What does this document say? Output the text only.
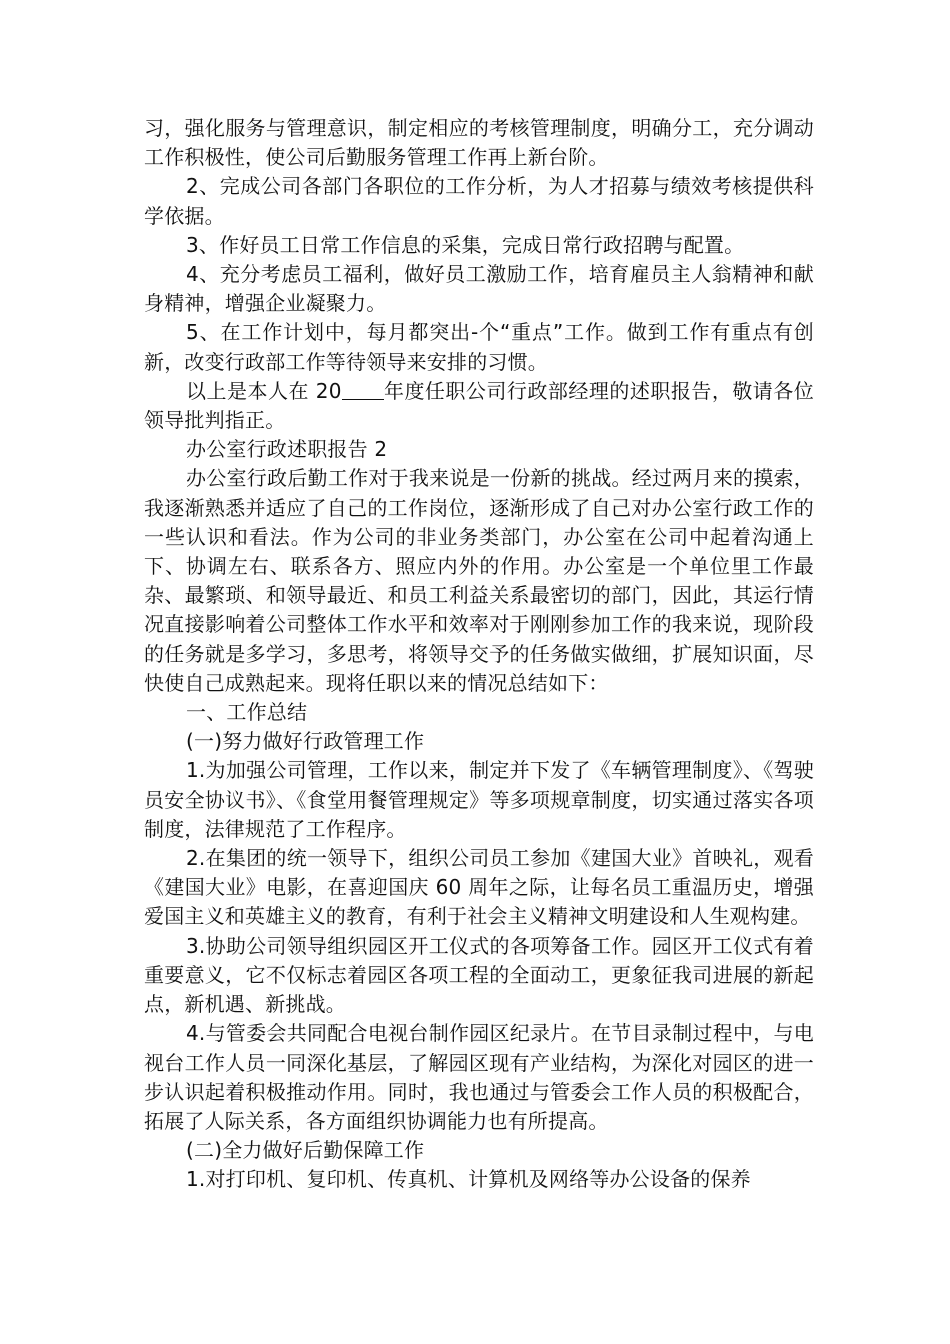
习，强化服务与管理意识，制定相应的考核管理制度，明确分工，充分调动工作积极性，使公司后勤服务管理工作再上新台阶。

2、完成公司各部门各职位的工作分析，为人才招募与绩效考核提供科学依据。

3、作好员工日常工作信息的采集，完成日常行政招聘与配置。

4、充分考虑员工福利，做好员工激励工作，培育雇员主人翁精神和献身精神，增强企业凝聚力。

5、在工作计划中，每月都突出-个“重点”工作。做到工作有重点有创新，改变行政部工作等待领导来安排的习惯。

以上是本人在 20 年度任职公司行政部经理的述职报告，敬请各位领导批判指正。

办公室行政述职报告 2

办公室行政后勤工作对于我来说是一份新的挑战。经过两月来的摸索，我逐渐熟悉并适应了自己的工作岗位，逐渐形成了自己对办公室行政工作的一些认识和看法。作为公司的非业务类部门，办公室在公司中起着沟通上下、协调左右、联系各方、照应内外的作用。办公室是一个单位里工作最杂、最繁琐、和领导最近、和员工利益关系最密切的部门，因此，其运行情况直接影响着公司整体工作水平和效率对于刚刚参加工作的我来说，现阶段的任务就是多学习，多思考，将领导交予的任务做实做细，扩展知识面，尽快使自己成熟起来。现将任职以来的情况总结如下：

一、工作总结

(一)努力做好行政管理工作

1.为加强公司管理，工作以来，制定并下发了《车辆管理制度》、《驾驶员安全协议书》、《食堂用餐管理规定》等多项规章制度，切实通过落实各项制度，法律规范了工作程序。

2.在集团的统一领导下，组织公司员工参加《建国大业》首映礼，观看《建国大业》电影，在喜迎国庆 60 周年之际，让每名员工重温历史，增强爱国主义和英雄主义的教育，有利于社会主义精神文明建设和人生观构建。

3.协助公司领导组织园区开工仪式的各项筹备工作。园区开工仪式有着重要意义，它不仅标志着园区各项工程的全面动工，更象征我司进展的新起点，新机遇、新挑战。

4.与管委会共同配合电视台制作园区纪录片。在节目录制过程中，与电视台工作人员一同深化基层，了解园区现有产业结构，为深化对园区的进一步认识起着积极推动作用。同时，我也通过与管委会工作人员的积极配合，拓展了人际关系，各方面组织协调能力也有所提高。

(二)全力做好后勤保障工作

1.对打印机、复印机、传真机、计算机及网络等办公设备的保养
